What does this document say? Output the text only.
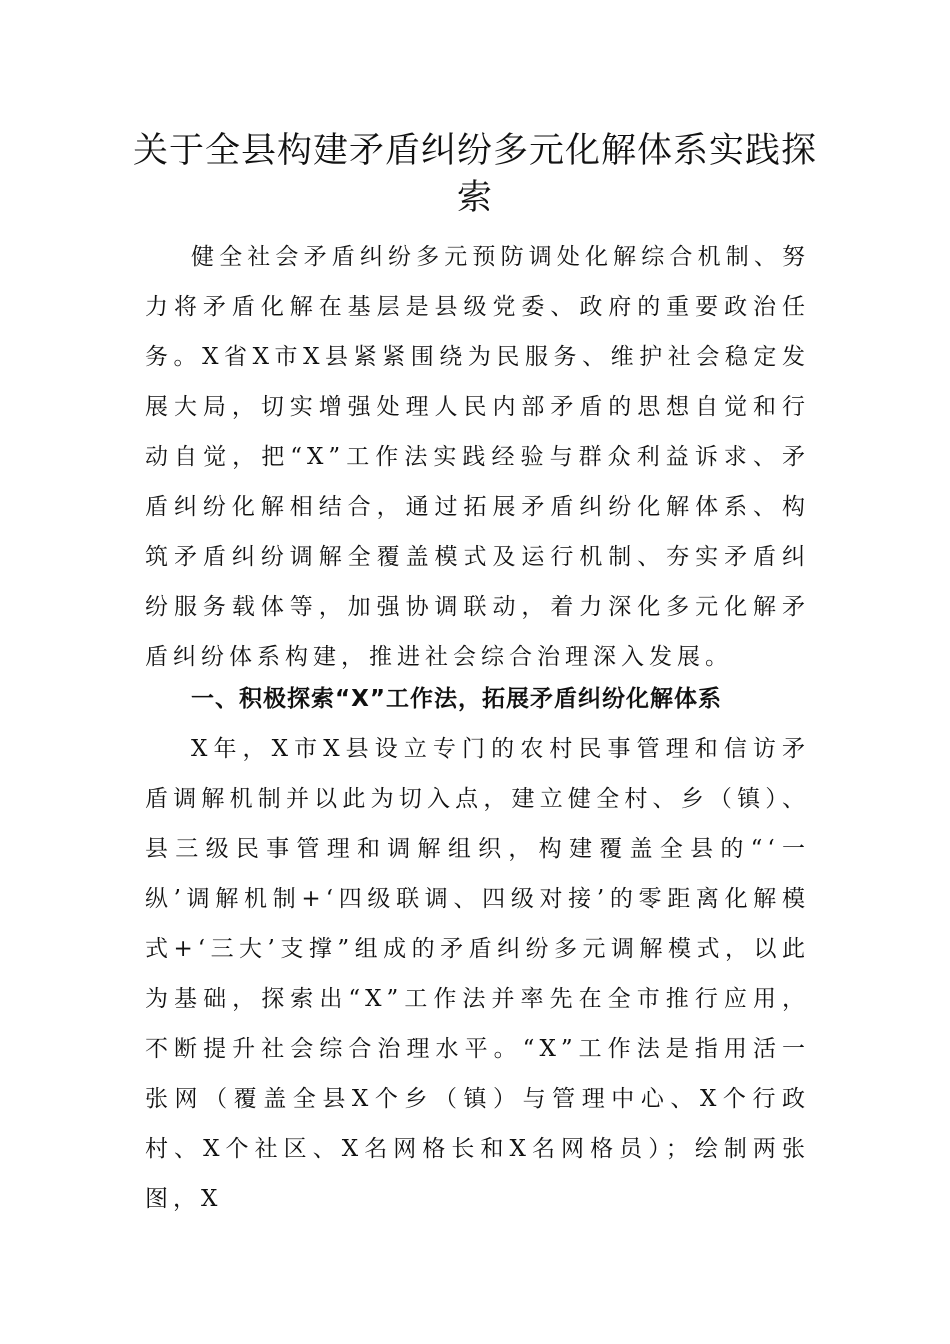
关于全县构建矛盾纠纷多元化解体系实践探索

健全社会矛盾纠纷多元预防调处化解综合机制、努力将矛盾化解在基层是县级党委、政府的重要政治任务。X省X市X县紧紧围绕为民服务、维护社会稳定发展大局，切实增强处理人民内部矛盾的思想自觉和行动自觉，把“X”工作法实践经验与群众利益诉求、矛盾纠纷化解相结合，通过拓展矛盾纠纷化解体系、构筑矛盾纠纷调解全覆盖模式及运行机制、夯实矛盾纠纷服务载体等，加强协调联动，着力深化多元化解矛盾纠纷体系构建，推进社会综合治理深入发展。

一、积极探索“X”工作法，拓展矛盾纠纷化解体系

X年，X市X县设立专门的农村民事管理和信访矛盾调解机制并以此为切入点，建立健全村、乡（镇）、县三级民事管理和调解组织，构建覆盖全县的“‘一纵’调解机制+‘四级联调、四级对接’的零距离化解模式+‘三大’支撑”组成的矛盾纠纷多元调解模式，以此为基础，探索出“X”工作法并率先在全市推行应用，不断提升社会综合治理水平。“X”工作法是指用活一张网（覆盖全县X个乡（镇）与管理中心、X个行政村、X个社区、X名网格长和X名网格员）；绘制两张图，X
